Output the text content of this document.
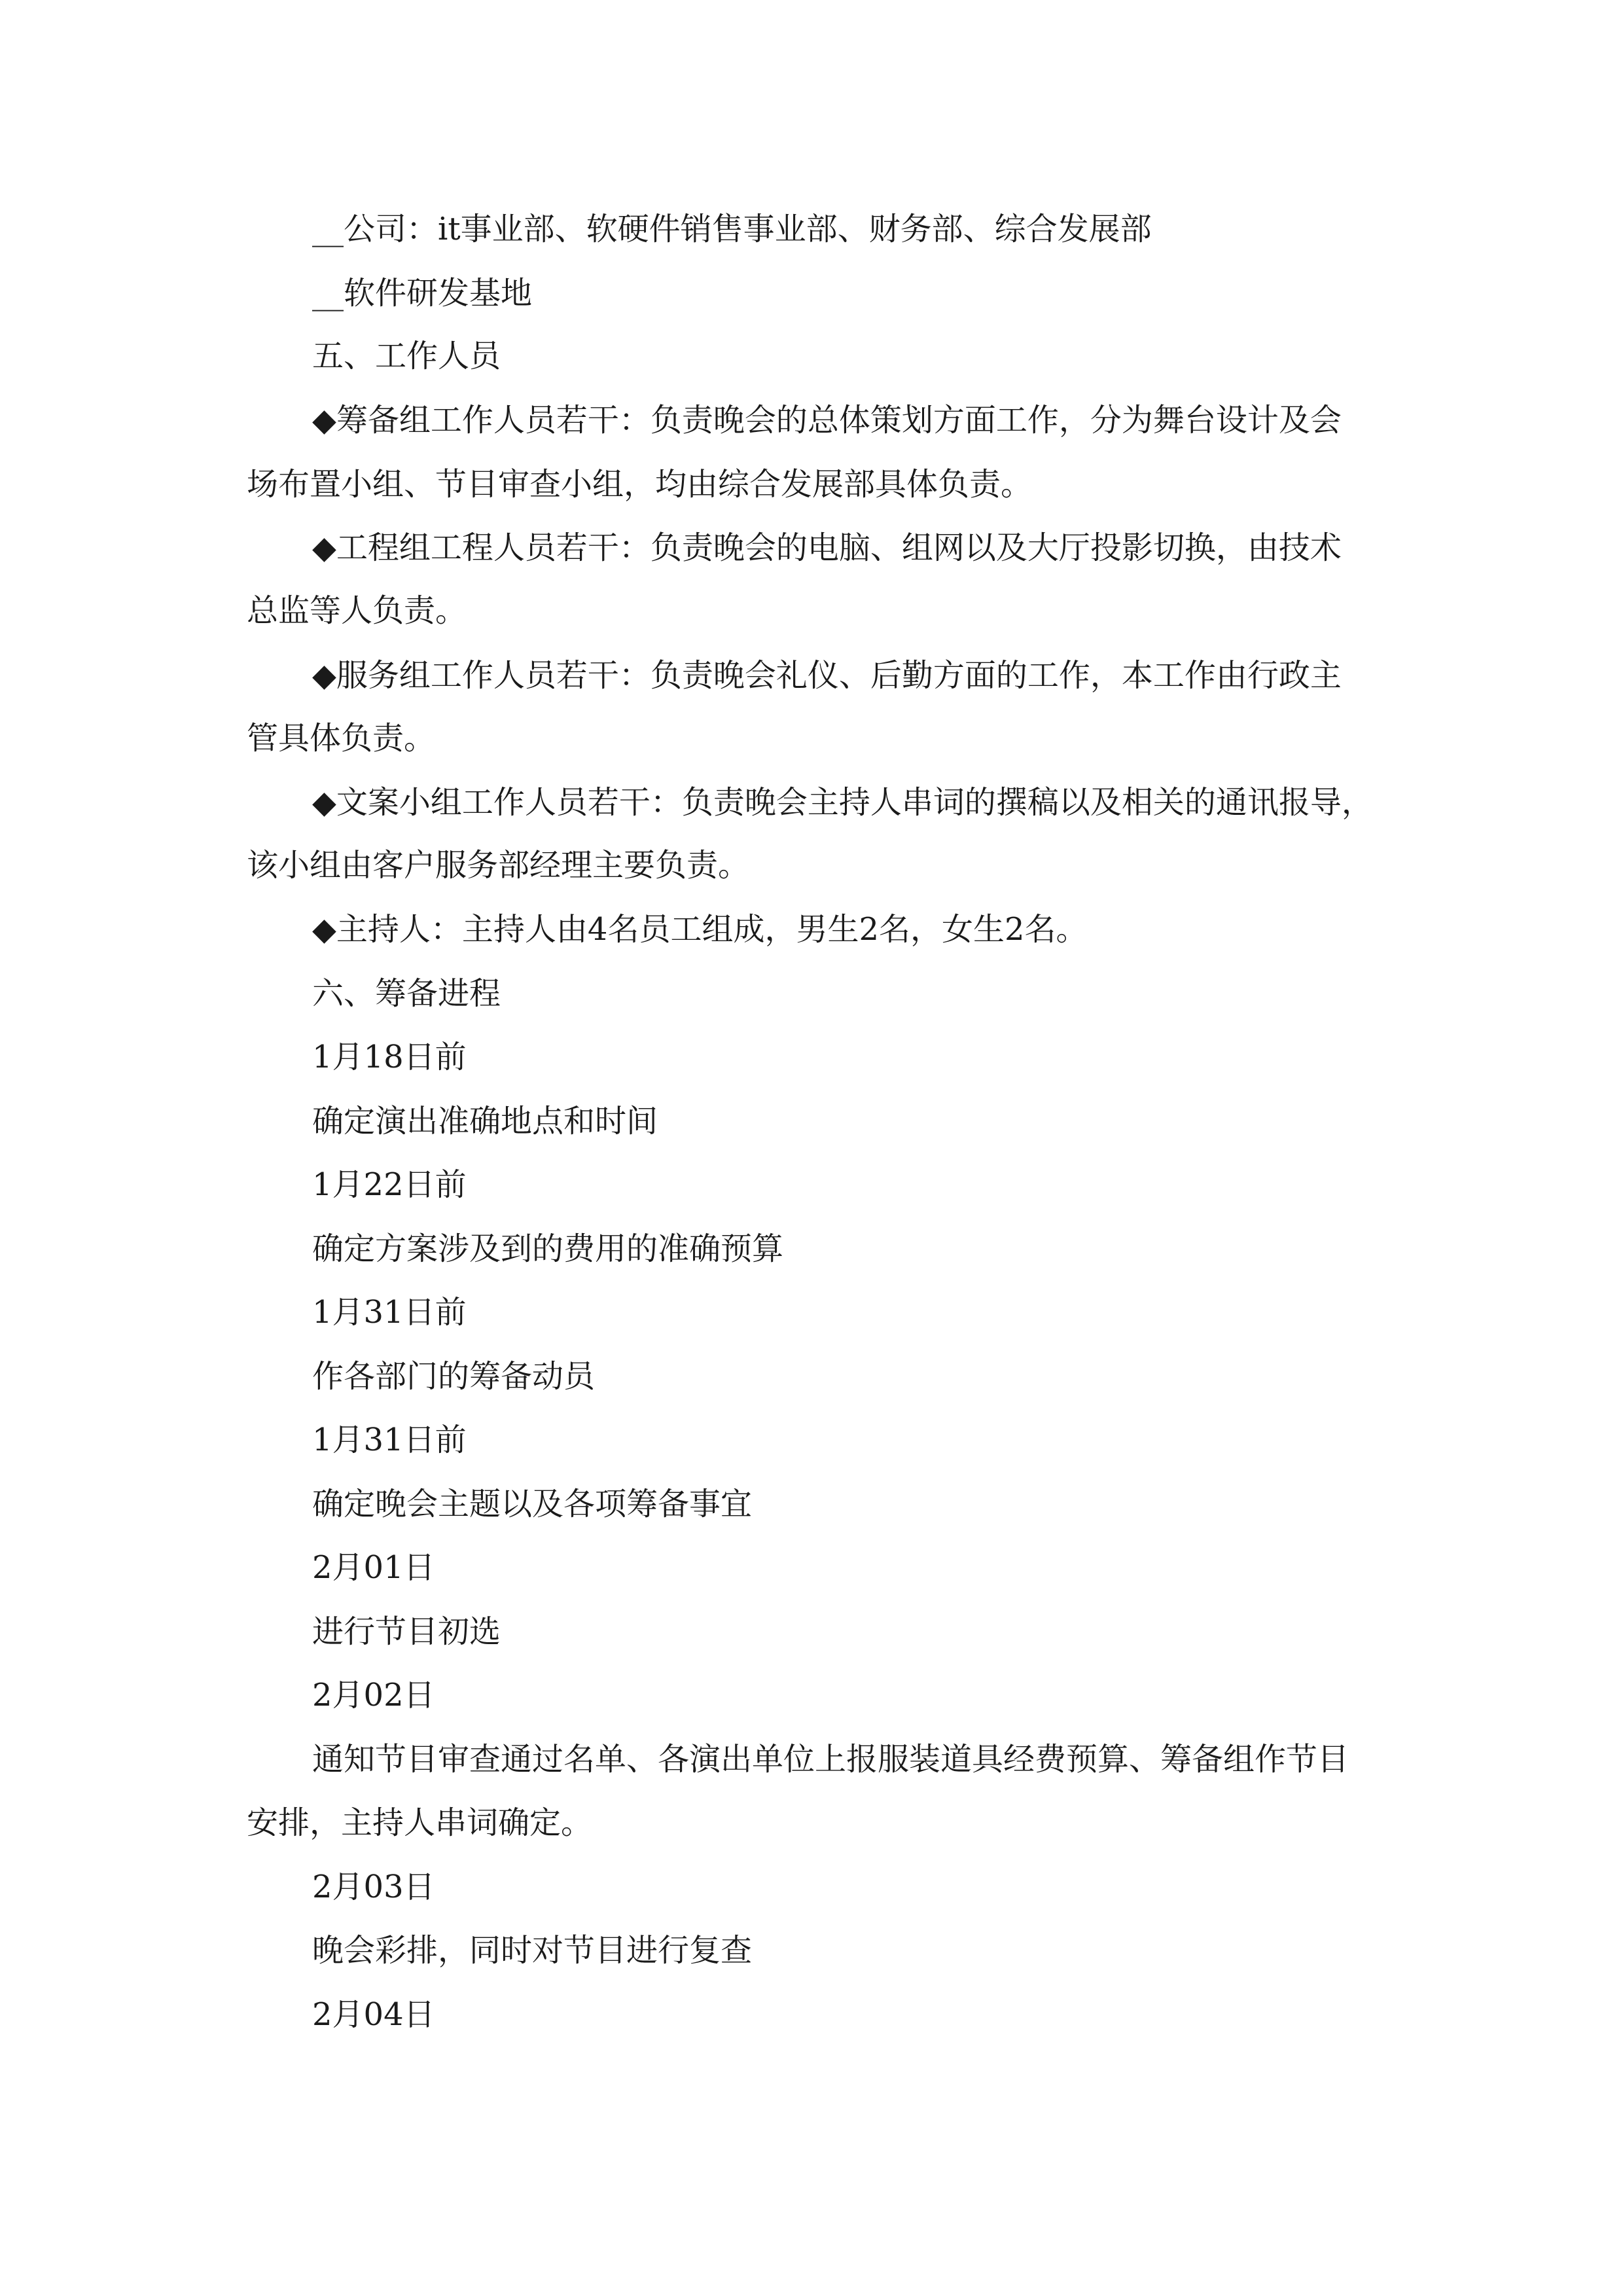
__公司：it事业部、软硬件销售事业部、财务部、综合发展部
__软件研发基地
五、工作人员
◆筹备组工作人员若干：负责晚会的总体策划方面工作，分为舞台设计及会
场布置小组、节目审查小组，均由综合发展部具体负责。
◆工程组工程人员若干：负责晚会的电脑、组网以及大厅投影切换，由技术
总监等人负责。
◆服务组工作人员若干：负责晚会礼仪、后勤方面的工作，本工作由行政主
管具体负责。
◆文案小组工作人员若干：负责晚会主持人串词的撰稿以及相关的通讯报导，
该小组由客户服务部经理主要负责。
◆主持人：主持人由4名员工组成，男生2名，女生2名。
六、筹备进程
1月18日前
确定演出准确地点和时间
1月22日前
确定方案涉及到的费用的准确预算
1月31日前
作各部门的筹备动员
1月31日前
确定晚会主题以及各项筹备事宜
2月01日
进行节目初选
2月02日
通知节目审查通过名单、各演出单位上报服装道具经费预算、筹备组作节目
安排，主持人串词确定。
2月03日
晚会彩排，同时对节目进行复查
2月04日
